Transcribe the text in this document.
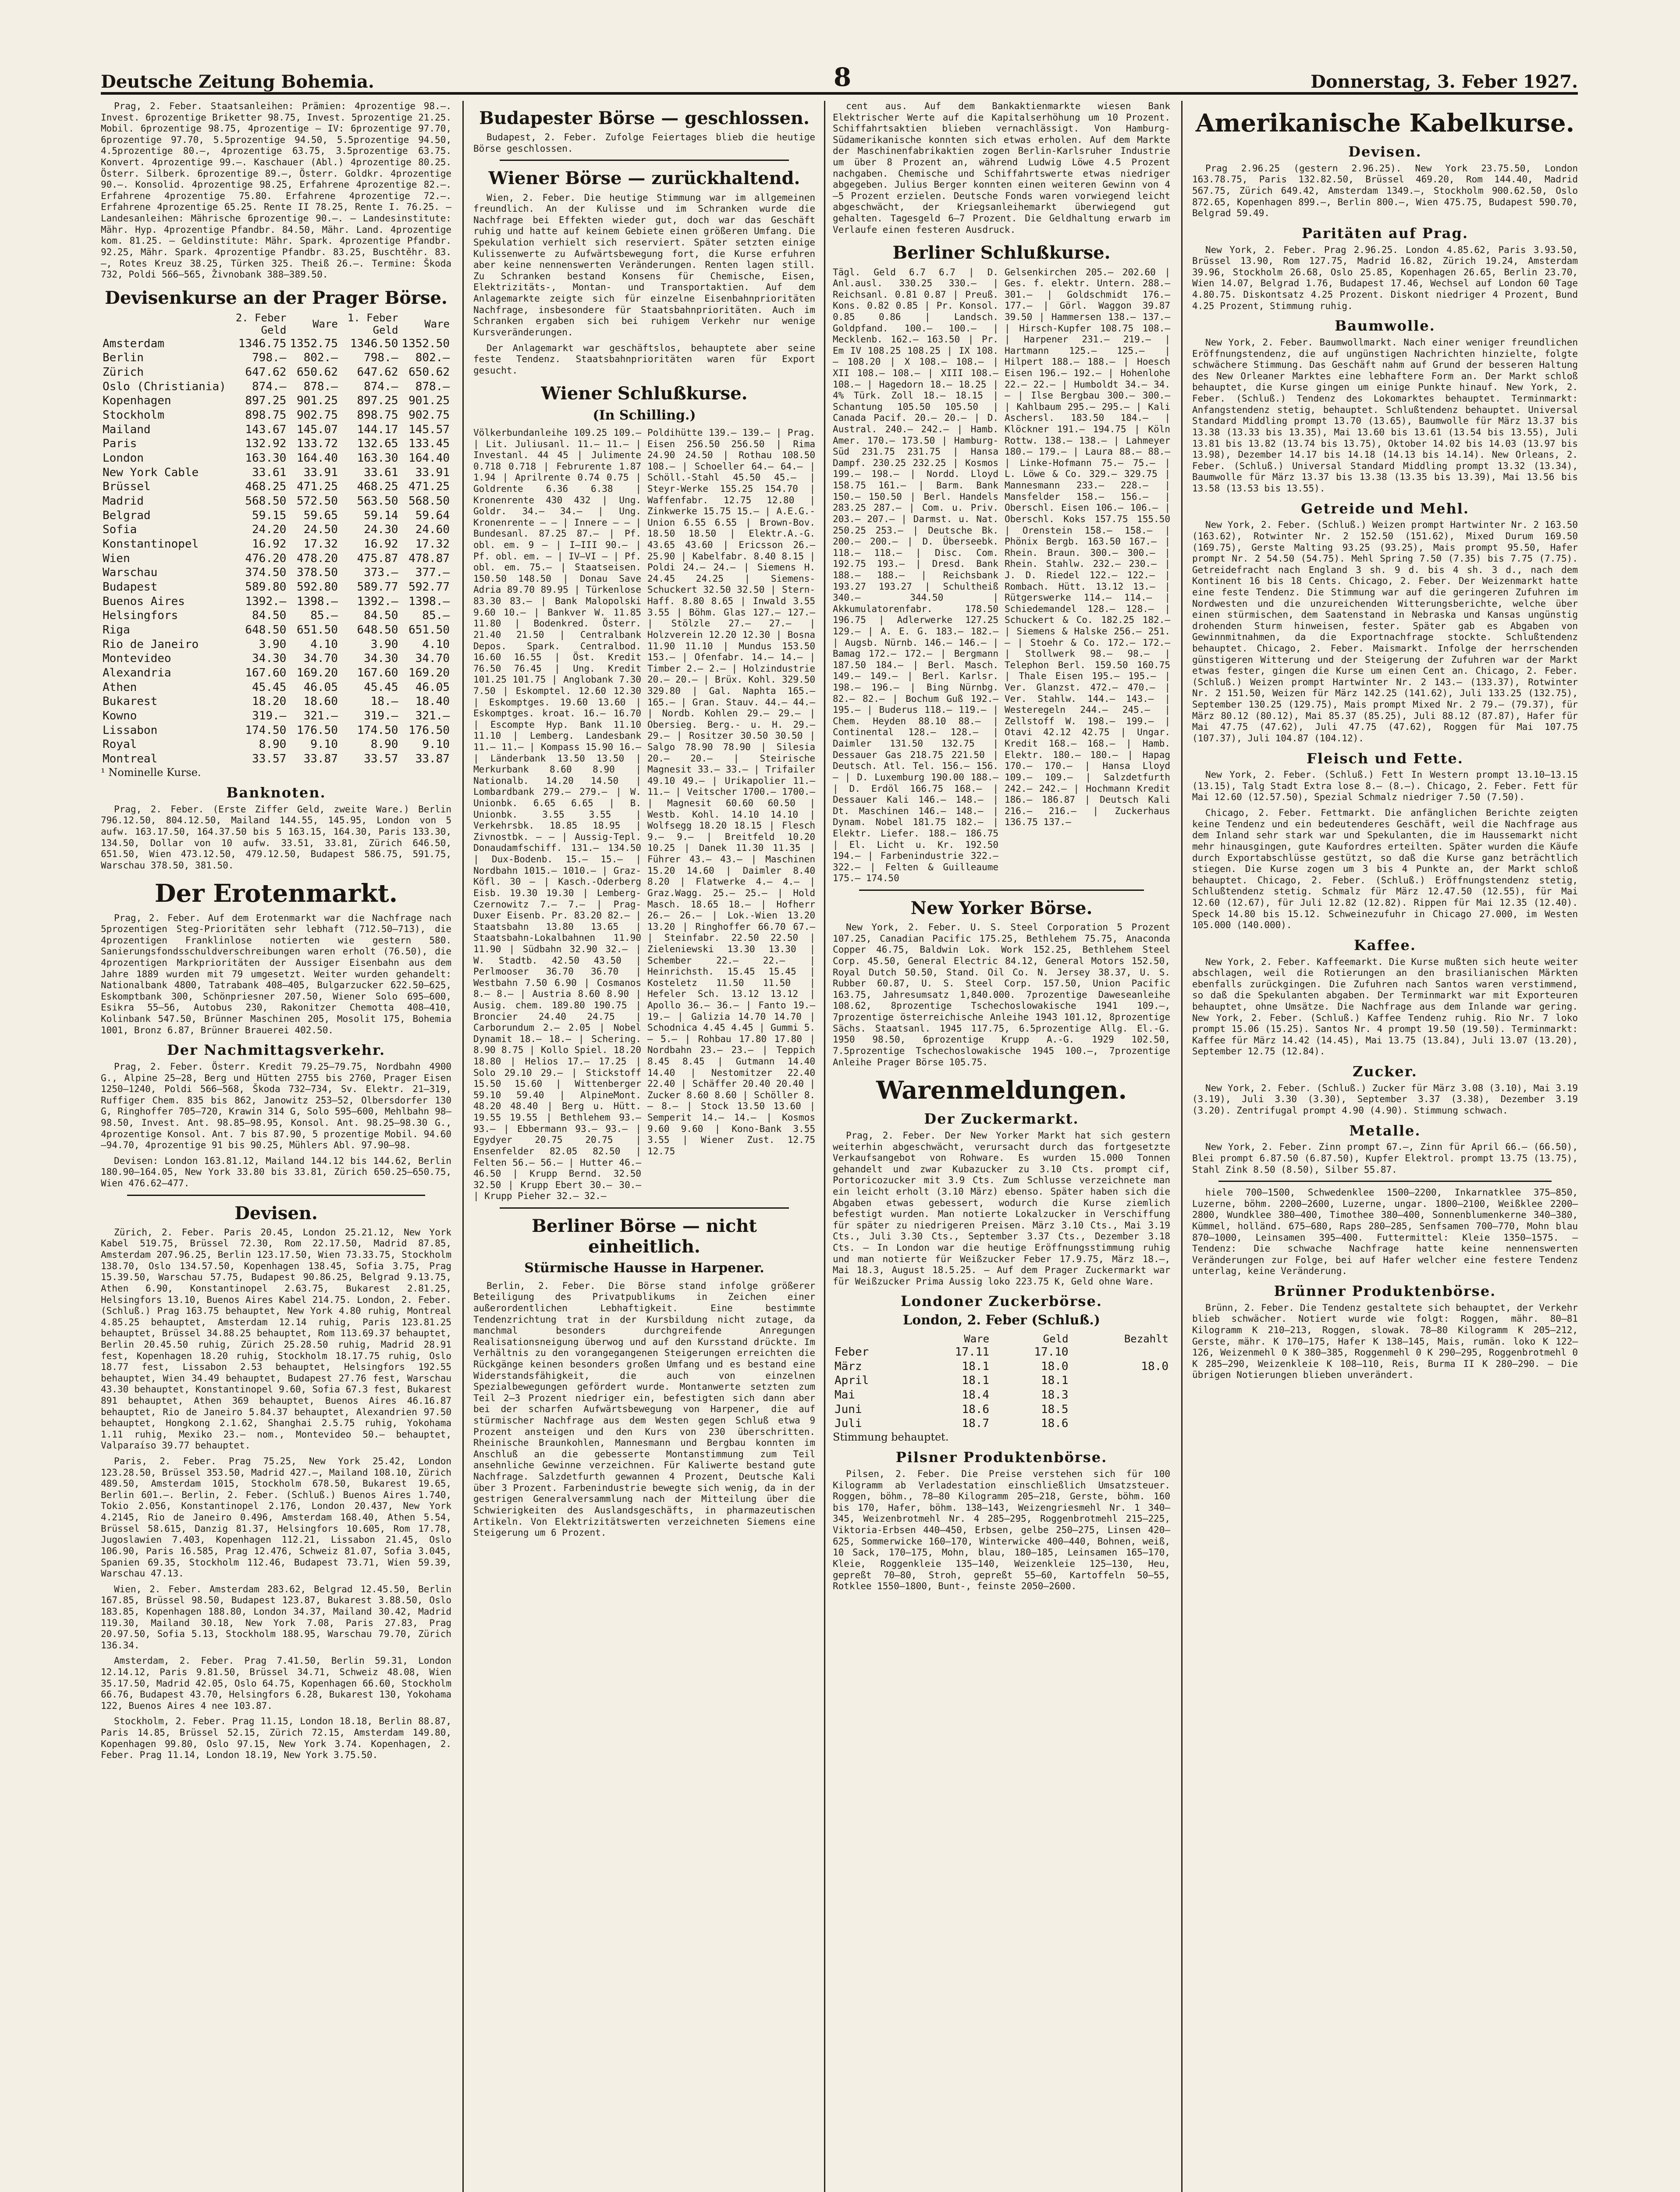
Deutsche Zeitung Bohemia.	8	Donnerstag, 3. Feber 1927.

Prag, 2. Feber. Staatsanleihen: Prämien: 4prozentige 98.—. Invest. 6prozentige Briketter 98.75, Invest. 5prozentige 21.25. Mobil. 6prozentige 98.75, 4prozentige — IV: 6prozentige 97.70, 6prozentige 97.70, 5.5prozentige 94.50, 5.5prozentige 94.50, 4.5prozentige 80.—, 4prozentige 63.75, 3.5prozentige 63.75. Konvert. 4prozentige 99.—. Kaschauer (Abl.) 4prozentige 80.25. Österr. Silberk. 6prozentige 89.—, Österr. Goldkr. 4prozentige 90.—. Konsolid. 4prozentige 98.25, Erfahrene 4prozentige 82.—. Erfahrene 4prozentige 75.80. Erfahrene 4prozentige 72.—. Erfahrene 4prozentige 65.25. Rente II 78.25, Rente I. 76.25. — Landesanleihen: Mährische 6prozentige 90.—. — Landesinstitute: Mähr. Hyp. 4prozentige Pfandbr. 84.50, Mähr. Land. 4prozentige kom. 81.25. — Geldinstitute: Mähr. Spark. 4prozentige Pfandbr. 92.25, Mähr. Spark. 4prozentige Pfandbr. 83.25, Buschtěhr. 83.—, Rotes Kreuz 38.25, Türken 325. Theiß 26.—. Termine: Škoda 732, Poldi 566—565, Živnobank 388—389.50.

Devisenkurse an der Prager Börse.
	2. Feber Geld	Ware	1. Feber Geld	Ware
Amsterdam	1346.75	1352.75	1346.50	1352.50
Berlin	798.—	802.—	798.—	802.—
Zürich	647.62	650.62	647.62	650.62
Oslo (Christiania)	874.—	878.—	874.—	878.—
Kopenhagen	897.25	901.25	897.25	901.25
Stockholm	898.75	902.75	898.75	902.75
Mailand	143.67	145.07	144.17	145.57
Paris	132.92	133.72	132.65	133.45
London	163.30	164.40	163.30	164.40
New York Cable	33.61	33.91	33.61	33.91
Brüssel	468.25	471.25	468.25	471.25
Madrid	568.50	572.50	563.50	568.50
Belgrad	59.15	59.65	59.14	59.64
Sofia	24.20	24.50	24.30	24.60
Konstantinopel	16.92	17.32	16.92	17.32
Wien	476.20	478.20	475.87	478.87
Warschau	374.50	378.50	373.—	377.—
Budapest	589.80	592.80	589.77	592.77
Buenos Aires	1392.—	1398.—	1392.—	1398.—
Helsingfors	84.50	85.—	84.50	85.—
Riga	648.50	651.50	648.50	651.50
Rio de Janeiro	3.90	4.10	3.90	4.10
Montevideo	34.30	34.70	34.30	34.70
Alexandria	167.60	169.20	167.60	169.20
Athen	45.45	46.05	45.45	46.05
Bukarest	18.20	18.60	18.—	18.40
Kowno	319.—	321.—	319.—	321.—
Lissabon	174.50	176.50	174.50	176.50
Royal	8.90	9.10	8.90	9.10
Montreal	33.57	33.87	33.57	33.87
¹ Nominelle Kurse.
Banknoten.

Prag, 2. Feber. (Erste Ziffer Geld, zweite Ware.) Berlin 796.12.50, 804.12.50, Mailand 144.55, 145.95, London von 5 aufw. 163.17.50, 164.37.50 bis 5 163.15, 164.30, Paris 133.30, 134.50, Dollar von 10 aufw. 33.51, 33.81, Zürich 646.50, 651.50, Wien 473.12.50, 479.12.50, Budapest 586.75, 591.75, Warschau 378.50, 381.50.

Der Erotenmarkt.

Prag, 2. Feber. Auf dem Erotenmarkt war die Nachfrage nach 5prozentigen Steg-Prioritäten sehr lebhaft (712.50—713), die 4prozentigen Franklinlose notierten wie gestern 580. Sanierungsfondsschuldverschreibungen waren erholt (76.50), die 4prozentigen Markprioritäten der Aussiger Eisenbahn aus dem Jahre 1889 wurden mit 79 umgesetzt. Weiter wurden gehandelt: Nationalbank 4800, Tatrabank 408—405, Bulgarzucker 622.50—625, Eskomptbank 300, Schönpriesner 207.50, Wiener Solo 695—600, Esikra 55—56, Autobus 230, Rakonitzer Chemotta 408—410, Kolinbank 547.50, Brünner Maschinen 205, Mosolit 175, Bohemia 1001, Bronz 6.87, Brünner Brauerei 402.50.

Der Nachmittagsverkehr.

Prag, 2. Feber. Österr. Kredit 79.25—79.75, Nordbahn 4900 G., Alpine 25—28, Berg und Hütten 2755 bis 2760, Prager Eisen 1250—1240, Poldi 566—568, Škoda 732—734, Sv. Elektr. 21—319, Ruffiger Chem. 835 bis 862, Janowitz 253—52, Olbersdorfer 130 G, Ringhoffer 705—720, Krawin 314 G, Solo 595—600, Mehlbahn 98—98.50, Invest. Ant. 98.85—98.95, Konsol. Ant. 98.25—98.30 G., 4prozentige Konsol. Ant. 7 bis 87.90, 5 prozentige Mobil. 94.60—94.70, 4prozentige 91 bis 90.25, Mühlers Abl. 97.90—98.

Devisen: London 163.81.12, Mailand 144.12 bis 144.62, Berlin 180.90—164.05, New York 33.80 bis 33.81, Zürich 650.25—650.75, Wien 476.62—477.

Devisen.

Zürich, 2. Feber. Paris 20.45, London 25.21.12, New York Kabel 519.75, Brüssel 72.30, Rom 22.17.50, Madrid 87.85, Amsterdam 207.96.25, Berlin 123.17.50, Wien 73.33.75, Stockholm 138.70, Oslo 134.57.50, Kopenhagen 138.45, Sofia 3.75, Prag 15.39.50, Warschau 57.75, Budapest 90.86.25, Belgrad 9.13.75, Athen 6.90, Konstantinopel 2.63.75, Bukarest 2.81.25, Helsingfors 13.10, Buenos Aires Kabel 214.75. London, 2. Feber. (Schluß.) Prag 163.75 behauptet, New York 4.80 ruhig, Montreal 4.85.25 behauptet, Amsterdam 12.14 ruhig, Paris 123.81.25 behauptet, Brüssel 34.88.25 behauptet, Rom 113.69.37 behauptet, Berlin 20.45.50 ruhig, Zürich 25.28.50 ruhig, Madrid 28.91 fest, Kopenhagen 18.20 ruhig, Stockholm 18.17.75 ruhig, Oslo 18.77 fest, Lissabon 2.53 behauptet, Helsingfors 192.55 behauptet, Wien 34.49 behauptet, Budapest 27.76 fest, Warschau 43.30 behauptet, Konstantinopel 9.60, Sofia 67.3 fest, Bukarest 891 behauptet, Athen 369 behauptet, Buenos Aires 46.16.87 behauptet, Rio de Janeiro 5.84.37 behauptet, Alexandrien 97.50 behauptet, Hongkong 2.1.62, Shanghai 2.5.75 ruhig, Yokohama 1.11 ruhig, Mexiko 23.— nom., Montevideo 50.— behauptet, Valparaíso 39.77 behauptet.

Paris, 2. Feber. Prag 75.25, New York 25.42, London 123.28.50, Brüssel 353.50, Madrid 427.—, Mailand 108.10, Zürich 489.50, Amsterdam 1015, Stockholm 678.50, Bukarest 19.65, Berlin 601.—. Berlin, 2. Feber. (Schluß.) Buenos Aires 1.740, Tokio 2.056, Konstantinopel 2.176, London 20.437, New York 4.2145, Rio de Janeiro 0.496, Amsterdam 168.40, Athen 5.54, Brüssel 58.615, Danzig 81.37, Helsingfors 10.605, Rom 17.78, Jugoslawien 7.403, Kopenhagen 112.21, Lissabon 21.45, Oslo 106.90, Paris 16.585, Prag 12.476, Schweiz 81.07, Sofia 3.045, Spanien 69.35, Stockholm 112.46, Budapest 73.71, Wien 59.39, Warschau 47.13.

Wien, 2. Feber. Amsterdam 283.62, Belgrad 12.45.50, Berlin 167.85, Brüssel 98.50, Budapest 123.87, Bukarest 3.88.50, Oslo 183.85, Kopenhagen 188.80, London 34.37, Mailand 30.42, Madrid 119.30, Mailand 30.18, New York 7.08, Paris 27.83, Prag 20.97.50, Sofia 5.13, Stockholm 188.95, Warschau 79.70, Zürich 136.34.

Amsterdam, 2. Feber. Prag 7.41.50, Berlin 59.31, London 12.14.12, Paris 9.81.50, Brüssel 34.71, Schweiz 48.08, Wien 35.17.50, Madrid 42.05, Oslo 64.75, Kopenhagen 66.60, Stockholm 66.76, Budapest 43.70, Helsingfors 6.28, Bukarest 130, Yokohama 122, Buenos Aires 4 nee 103.87.

Stockholm, 2. Feber. Prag 11.15, London 18.18, Berlin 88.87, Paris 14.85, Brüssel 52.15, Zürich 72.15, Amsterdam 149.80, Kopenhagen 99.80, Oslo 97.15, New York 3.74. Kopenhagen, 2. Feber. Prag 11.14, London 18.19, New York 3.75.50.

Budapester Börse — geschlossen.

Budapest, 2. Feber. Zufolge Feiertages blieb die heutige Börse geschlossen.

Wiener Börse — zurückhaltend.

Wien, 2. Feber. Die heutige Stimmung war im allgemeinen freundlich. An der Kulisse und im Schranken wurde die Nachfrage bei Effekten wieder gut, doch war das Geschäft ruhig und hatte auf keinem Gebiete einen größeren Umfang. Die Spekulation verhielt sich reserviert. Später setzten einige Kulissenwerte zu Aufwärtsbewegung fort, die Kurse erfuhren aber keine nennenswerten Veränderungen. Renten lagen still. Zu Schranken bestand Konsens für Chemische, Eisen, Elektrizitäts-, Montan- und Transportaktien. Auf dem Anlagemarkte zeigte sich für einzelne Eisenbahnprioritäten Nachfrage, insbesondere für Staatsbahnprioritäten. Auch im Schranken ergaben sich bei ruhigem Verkehr nur wenige Kursveränderungen.

Der Anlagemarkt war geschäftslos, behauptete aber seine feste Tendenz. Staatsbahnprioritäten waren für Export gesucht.

Wiener Schlußkurse.

(In Schilling.)

Völkerbundanleihe 109.25 109.— | Lit. Juliusanl. 11.— 11.— | Investanl. 44 45 | Julimente 0.718 0.718 | Februrente 1.87 1.94 | Aprilrente 0.74 0.75 | Goldrente 6.36 6.38 | Kronenrente 430 432 | Ung. Goldr. 34.— 34.— | Ung. Kronenrente — — | Innere — — | Bundesanl. 87.25 87.— | Pf. obl. em. 9 — | I—III 90.— | Pf. obl. em. — | IV—VI — | Pf. obl. em. 75.— | Staatseisen. 150.50 148.50 | Donau Save Adria 89.70 89.95 | Türkenlose 83.30 83.— | Bank Malopolski 9.60 10.— | Bankver W. 11.85 11.80 | Bodenkred. Österr. 21.40 21.50 | Centralbank Depos. Spark. Centralbod. 16.60 16.55 | Öst. Kredit 76.50 76.45 | Ung. Kredit 101.25 101.75 | Anglobank 7.30 7.50 | Eskomptel. 12.60 12.30 | Eskomptges. 19.60 13.60 | Eskomptges. kroat. 16.— 16.70 | Escompte Hyp. Bank 11.10 11.10 | Lemberg. Landesbank 11.— 11.— | Kompass 15.90 16.— | Länderbank 13.50 13.50 | Merkurbank 8.60 8.90 | Nationalb. 14.20 14.50 | Lombardbank 279.— 279.— | W. Unionbk. 6.65 6.65 | B. Unionbk. 3.55 3.55 | Verkehrsbk. 18.85 18.95 | Zivnostbk. — — | Aussig-Tepl. Donaudamfschiff. 131.— 134.50 | Dux-Bodenb. 15.— 15.— | Nordbahn 1015.— 1010.— | Graz-Köfl. 30 — | Kasch.-Oderberg Eisb. 19.30 19.30 | Lemberg-Czernowitz 7.— 7.— | Prag-Duxer Eisenb. Pr. 83.20 82.— | Staatsbahn 13.80 13.65 | Staatsbahn-Lokalbahnen 11.90 11.90 | Südbahn 32.90 32.— | W. Stadtb. 42.50 43.50 | Perlmooser 36.70 36.70 | Westbahn 7.50 6.90 | Cosmanos 8.— 8.— | Austria 8.60 8.90 | Ausig. chem. 189.80 190.75 | Broncier 24.40 24.75 | Carborundum 2.— 2.05 | Nobel Dynamit 18.— 18.— | Schering. 8.90 8.75 | Kollo Spiel. 18.20 18.80 | Helios 17.— 17.25 | Solo 29.10 29.— | Stickstoff 15.50 15.60 | Wittenberger 59.10 59.40 | AlpineMont. 48.20 48.40 | Berg u. Hütt. 19.55 19.55 | Bethlehem 93.— 93.— | Ebbermann 93.— 93.— | Egydyer 20.75 20.75 | Ensenfelder 82.05 82.50 | Felten 56.— 56.— | Hutter 46.— 46.50 | Krupp Bernd. 32.50 32.50 | Krupp Ebert 30.— 30.— | Krupp Pieher 32.— 32.—
Poldihütte 139.— 139.— | Prag. Eisen 256.50 256.50 | Rima 24.90 24.50 | Rothau 108.50 108.— | Schoeller 64.— 64.— | Schöll.-Stahl 45.50 45.— | Steyr-Werke 155.25 154.70 | Waffenfabr. 12.75 12.80 | Zinkwerke 15.75 15.— | A.E.G.-Union 6.55 6.55 | Brown-Bov. 18.50 18.50 | Elektr.A.-G. 43.65 43.60 | Ericsson 26.— 25.90 | Kabelfabr. 8.40 8.15 | Poldi 24.— 24.— | Siemens H. 24.45 24.25 | Siemens-Schuckert 32.50 32.50 | Stern-Haff. 8.80 8.65 | Inwald 3.55 3.55 | Böhm. Glas 127.— 127.— | Stölzle 27.— 27.— | Holzverein 12.20 12.30 | Bosna 11.90 11.10 | Mundus 153.50 153.— | Ofenfabr. 14.— 14.— | Timber 2.— 2.— | Holzindustrie 20.— 20.— | Brüx. Kohl. 329.50 329.80 | Gal. Naphta 165.— 165.— | Gran. Stauv. 44.— 44.— | Nordb. Kohlen 29.— 29.— | Obersieg. Berg.- u. H. 29.— 29.— | Rositzer 30.50 30.50 | Salgo 78.90 78.90 | Silesia 20.— 20.— | Steirische Magnesit 33.— 33.— | Trifailer 49.10 49.— | Urikapolier 11.— 11.— | Veitscher 1700.— 1700.— | Magnesit 60.60 60.50 | Westb. Kohl. 14.10 14.10 | Wolfsegg 18.20 18.15 | Flesch 9.— 9.— | Breitfeld 10.20 10.25 | Danek 11.30 11.35 | Führer 43.— 43.— | Maschinen 15.20 14.60 | Daimler 8.40 8.20 | Flatwerke 4.— 4.— | Graz.Wagg. 25.— 25.— | Hold Masch. 18.65 18.— | Hofherr 26.— 26.— | Lok.-Wien 13.20 13.20 | Ringhoffer 66.70 67.— | Steinfabr. 22.50 22.50 | Zieleniewski 13.30 13.30 | Schember 22.— 22.— | Heinrichsth. 15.45 15.45 | Kosteletz 11.50 11.50 | Hefeler Sch. 13.12 13.12 | Apollo 36.— 36.— | Fanto 19.— 19.— | Galizia 14.70 14.70 | Schodnica 4.45 4.45 | Gummi 5.— 5.— | Rohbau 17.80 17.80 | Nordbahn 23.— 23.— | Teppich 8.45 8.45 | Gutmann 14.40 14.40 | Nestomitzer 22.40 22.40 | Schäffer 20.40 20.40 | Zucker 8.60 8.60 | Schöller 8.— 8.— | Stock 13.50 13.60 | Semperit 14.— 14.— | Kosmos 9.60 9.60 | Kono-Bank 3.55 3.55 | Wiener Zust. 12.75 12.75
Berliner Börse — nicht einheitlich.

Stürmische Hausse in Harpener.

Berlin, 2. Feber. Die Börse stand infolge größerer Beteiligung des Privatpublikums in Zeichen einer außerordentlichen Lebhaftigkeit. Eine bestimmte Tendenzrichtung trat in der Kursbildung nicht zutage, da manchmal besonders durchgreifende Anregungen Realisationsneigung überwog und auf den Kursstand drückte. Im Verhältnis zu den vorangegangenen Steigerungen erreichten die Rückgänge keinen besonders großen Umfang und es bestand eine Widerstandsfähigkeit, die auch von einzelnen Spezialbewegungen gefördert wurde. Montanwerte setzten zum Teil 2—3 Prozent niedriger ein, befestigten sich dann aber bei der scharfen Aufwärtsbewegung von Harpener, die auf stürmischer Nachfrage aus dem Westen gegen Schluß etwa 9 Prozent ansteigen und den Kurs von 230 überschritten. Rheinische Braunkohlen, Mannesmann und Bergbau konnten im Anschluß an die gebesserte Montanstimmung zum Teil ansehnliche Gewinne verzeichnen. Für Kaliwerte bestand gute Nachfrage. Salzdetfurth gewannen 4 Prozent, Deutsche Kali über 3 Prozent. Farbenindustrie bewegte sich wenig, da in der gestrigen Generalversammlung nach der Mitteilung über die Schwierigkeiten des Auslandsgeschäfts, in pharmazeutischen Artikeln. Von Elektrizitätswerten verzeichneten Siemens eine Steigerung um 6 Prozent.

cent aus. Auf dem Bankaktienmarkte wiesen Bank Elektrischer Werte auf die Kapitalserhöhung um 10 Prozent. Schiffahrtsaktien blieben vernachlässigt. Von Hamburg-Südamerikanische konnten sich etwas erholen. Auf dem Markte der Maschinenfabrikaktien zogen Berlin-Karlsruher Industrie um über 8 Prozent an, während Ludwig Löwe 4.5 Prozent nachgaben. Chemische und Schiffahrtswerte etwas niedriger abgegeben. Julius Berger konnten einen weiteren Gewinn von 4—5 Prozent erzielen. Deutsche Fonds waren vorwiegend leicht abgeschwächt, der Kriegsanleihemarkt überwiegend gut gehalten. Tagesgeld 6—7 Prozent. Die Geldhaltung erwarb im Verlaufe einen festeren Ausdruck.

Berliner Schlußkurse.
Tägl. Geld 6.7 6.7 | D. Anl.ausl. 330.25 330.— | Reichsanl. 0.81 0.87 | Preuß. Kons. 0.82 0.85 | Pr. Konsol. 0.85 0.86 | Landsch. Goldpfand. 100.— 100.— | Mecklenb. 162.— 163.50 | Pr. Em IV 108.25 108.25 | IX 108.— 108.20 | X 108.— 108.— | XII 108.— 108.— | XIII 108.— 108.— | Hagedorn 18.— 18.25 | 4% Türk. Zoll 18.— 18.15 | Schantung 105.50 105.50 | Canada Pacif. 20.— 20.— | D. Austral. 240.— 242.— | Hamb. Amer. 170.— 173.50 | Hamburg-Süd 231.75 231.75 | Hansa Dampf. 230.25 232.25 | Kosmos 199.— 198.— | Nordd. Lloyd 158.75 161.— | Barm. Bank 150.— 150.50 | Berl. Handels 283.25 287.— | Com. u. Priv. 203.— 207.— | Darmst. u. Nat. 250.25 253.— | Deutsche Bk. 200.— 200.— | D. Überseebk. 118.— 118.— | Disc. Com. 192.75 193.— | Dresd. Bank 188.— 188.— | Reichsbank 193.27 193.27 | Schultheiß 340.— 344.50 | Akkumulatorenfabr. 178.50 196.75 | Adlerwerke 127.25 129.— | A. E. G. 183.— 182.— | Augsb. Nürnb. 146.— 146.— | Bamag 172.— 172.— | Bergmann 187.50 184.— | Berl. Masch. 149.— 149.— | Berl. Karlsr. 198.— 196.— | Bing Nürnbg. 82.— 82.— | Bochum Guß 192.— 195.— | Buderus 118.— 119.— | Chem. Heyden 88.10 88.— | Continental 128.— 128.— | Daimler 131.50 132.75 | Dessauer Gas 218.75 221.50 | Deutsch. Atl. Tel. 156.— 156.— | D. Luxemburg 190.00 188.— | D. Erdöl 166.75 168.— | Dessauer Kali 146.— 148.— | Dt. Maschinen 146.— 148.— | Dynam. Nobel 181.75 182.— | Elektr. Liefer. 188.— 186.75 | El. Licht u. Kr. 192.50 194.— | Farbenindustrie 322.— 322.— | Felten & Guilleaume 175.— 174.50
Gelsenkirchen 205.— 202.60 | Ges. f. elektr. Untern. 288.— 301.— | Goldschmidt 176.— 177.— | Görl. Waggon 39.87 39.50 | Hammersen 138.— 137.— | Hirsch-Kupfer 108.75 108.— | Harpener 231.— 219.— | Hartmann 125.— 125.— | Hilpert 188.— 188.— | Hoesch Eisen 196.— 192.— | Hohenlohe 22.— 22.— | Humboldt 34.— 34.— | Ilse Bergbau 300.— 300.— | Kahlbaum 295.— 295.— | Kali Aschersl. 183.50 184.— | Klöckner 191.— 194.75 | Köln Rottw. 138.— 138.— | Lahmeyer 180.— 179.— | Laura 88.— 88.— | Linke-Hofmann 75.— 75.— | L. Löwe & Co. 329.— 329.75 | Mannesmann 233.— 228.— | Mansfelder 158.— 156.— | Oberschl. Eisen 106.— 106.— | Oberschl. Koks 157.75 155.50 | Orenstein 158.— 158.— | Phönix Bergb. 163.50 167.— | Rhein. Braun. 300.— 300.— | Rhein. Stahlw. 232.— 230.— | J. D. Riedel 122.— 122.— | Rombach. Hütt. 13.12 13.— | Rütgerswerke 114.— 114.— | Schiedemandel 128.— 128.— | Schuckert & Co. 182.25 182.— | Siemens & Halske 256.— 251.— | Stoehr & Co. 172.— 172.— | Stollwerk 98.— 98.— | Telephon Berl. 159.50 160.75 | Thale Eisen 195.— 195.— | Ver. Glanzst. 472.— 470.— | Ver. Stahlw. 144.— 143.— | Westeregeln 244.— 245.— | Zellstoff W. 198.— 199.— | Otavi 42.12 42.75 | Ungar. Kredit 168.— 168.— | Hamb. Elektr. 180.— 180.— | Hapag 170.— 170.— | Hansa Lloyd 109.— 109.— | Salzdetfurth 242.— 242.— | Hochmann Kredit 186.— 186.87 | Deutsch Kali 216.— 216.— | Zuckerhaus 136.75 137.—
New Yorker Börse.

New York, 2. Feber. U. S. Steel Corporation 5 Prozent 107.25, Canadian Pacific 175.25, Bethlehem 75.75, Anaconda Copper 46.75, Baldwin Lok. Work 152.25, Bethlehem Steel Corp. 45.50, General Electric 84.12, General Motors 152.50, Royal Dutch 50.50, Stand. Oil Co. N. Jersey 38.37, U. S. Rubber 60.87, U. S. Steel Corp. 157.50, Union Pacific 163.75, Jahresumsatz 1,840.000. 7prozentige Daweseanleihe 108.62, 8prozentige Tschechoslowakische 1941 109.—, 7prozentige österreichische Anleihe 1943 101.12, 8prozentige Sächs. Staatsanl. 1945 117.75, 6.5prozentige Allg. El.-G. 1950 98.50, 6prozentige Krupp A.-G. 1929 102.50, 7.5prozentige Tschechoslowakische 1945 100.—, 7prozentige Anleihe Prager Börse 105.75.

Warenmeldungen.
Der Zuckermarkt.

Prag, 2. Feber. Der New Yorker Markt hat sich gestern weiterhin abgeschwächt, verursacht durch das fortgesetzte Verkaufsangebot von Rohware. Es wurden 15.000 Tonnen gehandelt und zwar Kubazucker zu 3.10 Cts. prompt cif, Portoricozucker mit 3.9 Cts. Zum Schlusse verzeichnete man ein leicht erholt (3.10 März) ebenso. Später haben sich die Abgaben etwas gebessert, wodurch die Kurse ziemlich befestigt wurden. Man notierte Lokalzucker in Verschiffung für später zu niedrigeren Preisen. März 3.10 Cts., Mai 3.19 Cts., Juli 3.30 Cts., September 3.37 Cts., Dezember 3.18 Cts. — In London war die heutige Eröffnungsstimmung ruhig und man notierte für Weißzucker Feber 17.9.75, März 18.—, Mai 18.3, August 18.5.25. — Auf dem Prager Zuckermarkt war für Weißzucker Prima Aussig loko 223.75 K, Geld ohne Ware.

Londoner Zuckerbörse.

London, 2. Feber (Schluß.)

	Ware	Geld	Bezahlt
Feber	17.11	17.10	
März	18.1	18.0	18.0
April	18.1	18.1	
Mai	18.4	18.3	
Juni	18.6	18.5	
Juli	18.7	18.6	
Stimmung behauptet.
Pilsner Produktenbörse.

Pilsen, 2. Feber. Die Preise verstehen sich für 100 Kilogramm ab Verladestation einschließlich Umsatzsteuer. Roggen, böhm., 78—80 Kilogramm 205—218, Gerste, böhm. 160 bis 170, Hafer, böhm. 138—143, Weizengriesmehl Nr. 1 340—345, Weizenbrotmehl Nr. 4 285—295, Roggenbrotmehl 215—225, Viktoria-Erbsen 440—450, Erbsen, gelbe 250—275, Linsen 420—625, Sommerwicke 160—170, Winterwicke 400—440, Bohnen, weiß, 10 Sack, 170—175, Mohn, blau, 180—185, Leinsamen 165—170, Kleie, Roggenkleie 135—140, Weizenkleie 125—130, Heu, gepreßt 70—80, Stroh, gepreßt 55—60, Kartoffeln 50—55, Rotklee 1550—1800, Bunt-, feinste 2050—2600.

Amerikanische Kabelkurse.
Devisen.

Prag 2.96.25 (gestern 2.96.25). New York 23.75.50, London 163.78.75, Paris 132.82.50, Brüssel 469.20, Rom 144.40, Madrid 567.75, Zürich 649.42, Amsterdam 1349.—, Stockholm 900.62.50, Oslo 872.65, Kopenhagen 899.—, Berlin 800.—, Wien 475.75, Budapest 590.70, Belgrad 59.49.

Paritäten auf Prag.

New York, 2. Feber. Prag 2.96.25. London 4.85.62, Paris 3.93.50, Brüssel 13.90, Rom 127.75, Madrid 16.82, Zürich 19.24, Amsterdam 39.96, Stockholm 26.68, Oslo 25.85, Kopenhagen 26.65, Berlin 23.70, Wien 14.07, Belgrad 1.76, Budapest 17.46, Wechsel auf London 60 Tage 4.80.75. Diskontsatz 4.25 Prozent. Diskont niedriger 4 Prozent, Bund 4.25 Prozent, Stimmung ruhig.

Baumwolle.

New York, 2. Feber. Baumwollmarkt. Nach einer weniger freundlichen Eröffnungstendenz, die auf ungünstigen Nachrichten hinzielte, folgte schwächere Stimmung. Das Geschäft nahm auf Grund der besseren Haltung des New Orleaner Marktes eine lebhaftere Form an. Der Markt schloß behauptet, die Kurse gingen um einige Punkte hinauf. New York, 2. Feber. (Schluß.) Tendenz des Lokomarktes behauptet. Terminmarkt: Anfangstendenz stetig, behauptet. Schlußtendenz behauptet. Universal Standard Middling prompt 13.70 (13.65), Baumwolle für März 13.37 bis 13.38 (13.33 bis 13.35), Mai 13.60 bis 13.61 (13.54 bis 13.55), Juli 13.81 bis 13.82 (13.74 bis 13.75), Oktober 14.02 bis 14.03 (13.97 bis 13.98), Dezember 14.17 bis 14.18 (14.13 bis 14.14). New Orleans, 2. Feber. (Schluß.) Universal Standard Middling prompt 13.32 (13.34), Baumwolle für März 13.37 bis 13.38 (13.35 bis 13.39), Mai 13.56 bis 13.58 (13.53 bis 13.55).

Getreide und Mehl.

New York, 2. Feber. (Schluß.) Weizen prompt Hartwinter Nr. 2 163.50 (163.62), Rotwinter Nr. 2 152.50 (151.62), Mixed Durum 169.50 (169.75), Gerste Malting 93.25 (93.25), Mais prompt 95.50, Hafer prompt Nr. 2 54.50 (54.75). Mehl Spring 7.50 (7.35) bis 7.75 (7.75). Getreidefracht nach England 3 sh. 9 d. bis 4 sh. 3 d., nach dem Kontinent 16 bis 18 Cents. Chicago, 2. Feber. Der Weizenmarkt hatte eine feste Tendenz. Die Stimmung war auf die geringeren Zufuhren im Nordwesten und die unzureichenden Witterungsberichte, welche über einen stürmischen, dem Saatenstand in Nebraska und Kansas ungünstig drohenden Sturm hinweisen, fester. Später gab es Abgaben von Gewinnmitnahmen, da die Exportnachfrage stockte. Schlußtendenz behauptet. Chicago, 2. Feber. Maismarkt. Infolge der herrschenden günstigeren Witterung und der Steigerung der Zufuhren war der Markt etwas fester, gingen die Kurse um einen Cent an. Chicago, 2. Feber. (Schluß.) Weizen prompt Hartwinter Nr. 2 143.— (133.37), Rotwinter Nr. 2 151.50, Weizen für März 142.25 (141.62), Juli 133.25 (132.75), September 130.25 (129.75), Mais prompt Mixed Nr. 2 79.— (79.37), für März 80.12 (80.12), Mai 85.37 (85.25), Juli 88.12 (87.87), Hafer für Mai 47.75 (47.62), Juli 47.75 (47.62), Roggen für Mai 107.75 (107.37), Juli 104.87 (104.12).

Fleisch und Fette.

New York, 2. Feber. (Schluß.) Fett In Western prompt 13.10—13.15 (13.15), Talg Stadt Extra lose 8.— (8.—). Chicago, 2. Feber. Fett für Mai 12.60 (12.57.50), Spezial Schmalz niedriger 7.50 (7.50).

Chicago, 2. Feber. Fettmarkt. Die anfänglichen Berichte zeigten keine Tendenz und ein bedeutenderes Geschäft, weil die Nachfrage aus dem Inland sehr stark war und Spekulanten, die im Haussemarkt nicht mehr hinausgingen, gute Kaufordres erteilten. Später wurden die Käufe durch Exportabschlüsse gestützt, so daß die Kurse ganz beträchtlich stiegen. Die Kurse zogen um 3 bis 4 Punkte an, der Markt schloß behauptet. Chicago, 2. Feber. (Schluß.) Eröffnungstendenz stetig, Schlußtendenz stetig. Schmalz für März 12.47.50 (12.55), für Mai 12.60 (12.67), für Juli 12.82 (12.82). Rippen für Mai 12.35 (12.40). Speck 14.80 bis 15.12. Schweinezufuhr in Chicago 27.000, im Westen 105.000 (140.000).

Kaffee.

New York, 2. Feber. Kaffeemarkt. Die Kurse mußten sich heute weiter abschlagen, weil die Rotierungen an den brasilianischen Märkten ebenfalls zurückgingen. Die Zufuhren nach Santos waren verstimmend, so daß die Spekulanten abgaben. Der Terminmarkt war mit Exporteuren behauptet, ohne Umsätze. Die Nachfrage aus dem Inlande war gering. New York, 2. Feber. (Schluß.) Kaffee Tendenz ruhig. Rio Nr. 7 loko prompt 15.06 (15.25). Santos Nr. 4 prompt 19.50 (19.50). Terminmarkt: Kaffee für März 14.42 (14.45), Mai 13.75 (13.84), Juli 13.07 (13.20), September 12.75 (12.84).

Zucker.

New York, 2. Feber. (Schluß.) Zucker für März 3.08 (3.10), Mai 3.19 (3.19), Juli 3.30 (3.30), September 3.37 (3.38), Dezember 3.19 (3.20). Zentrifugal prompt 4.90 (4.90). Stimmung schwach.

Metalle.

New York, 2. Feber. Zinn prompt 67.—, Zinn für April 66.— (66.50), Blei prompt 6.87.50 (6.87.50), Kupfer Elektrol. prompt 13.75 (13.75), Stahl Zink 8.50 (8.50), Silber 55.87.

hiele 700—1500, Schwedenklee 1500—2200, Inkarnatklee 375—850, Luzerne, böhm. 2200—2600, Luzerne, ungar. 1800—2100, Weißklee 2200—2800, Wundklee 380—400, Timothee 380—400, Sonnenblumenkerne 340—380, Kümmel, holländ. 675—680, Raps 280—285, Senfsamen 700—770, Mohn blau 870—1000, Leinsamen 395—400. Futtermittel: Kleie 1350—1575. — Tendenz: Die schwache Nachfrage hatte keine nennenswerten Veränderungen zur Folge, bei auf Hafer welcher eine festere Tendenz unterlag, keine Veränderung.

Brünner Produktenbörse.

Brünn, 2. Feber. Die Tendenz gestaltete sich behauptet, der Verkehr blieb schwächer. Notiert wurde wie folgt: Roggen, mähr. 80—81 Kilogramm K 210—213, Roggen, slowak. 78—80 Kilogramm K 205—212, Gerste, mähr. K 170—175, Hafer K 138—145, Mais, rumän. loko K 122—126, Weizenmehl 0 K 380—385, Roggenmehl 0 K 290—295, Roggenbrotmehl 0 K 285—290, Weizenkleie K 108—110, Reis, Burma II K 280—290. — Die übrigen Notierungen blieben unverändert.
